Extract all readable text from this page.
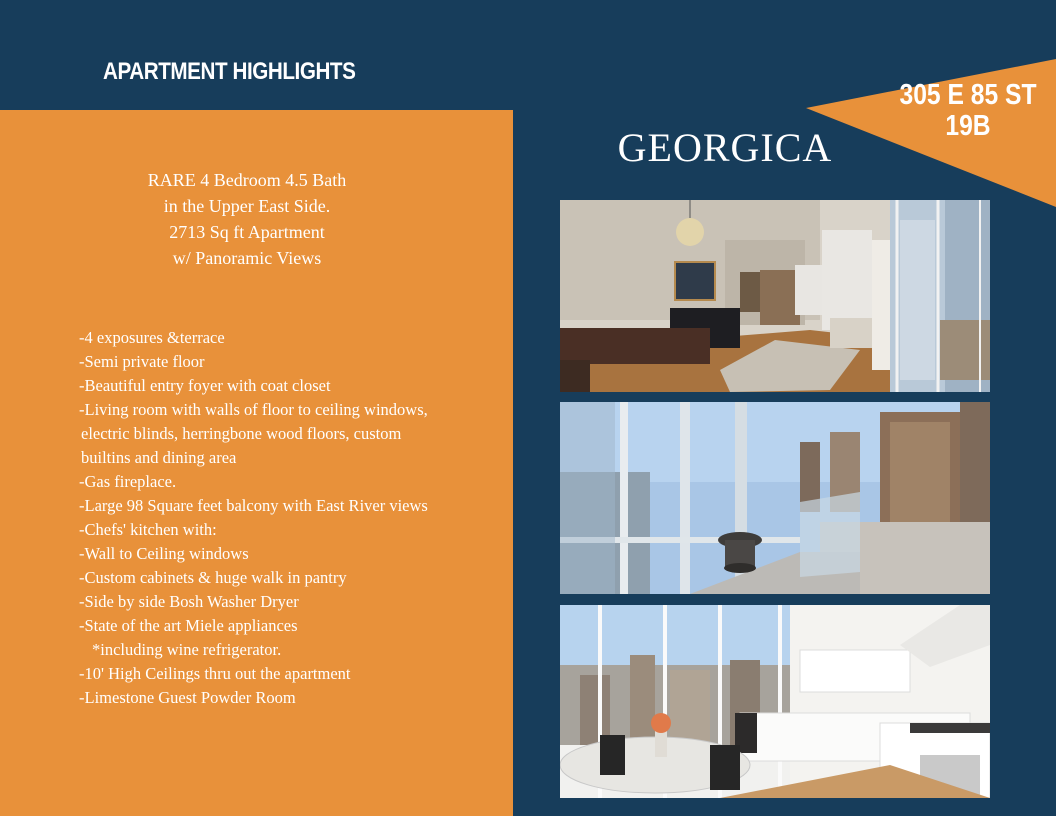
APARTMENT HIGHLIGHTS
305 E 85 ST
19B
GEORGICA
RARE 4 Bedroom 4.5 Bath
in the Upper East Side.
2713 Sq ft Apartment
w/ Panoramic Views
-4 exposures &terrace
-Semi private floor
-Beautiful entry foyer with coat closet
-Living room with walls of floor to ceiling windows,
electric blinds, herringbone wood floors, custom
builtins and dining area
-Gas fireplace.
-Large 98 Square feet balcony with East River views
-Chefs' kitchen with:
-Wall to Ceiling windows
-Custom cabinets & huge walk in pantry
-Side by side Bosh Washer Dryer
-State of the art Miele appliances
*including wine refrigerator.
-10' High Ceilings thru out the apartment
-Limestone Guest Powder Room
